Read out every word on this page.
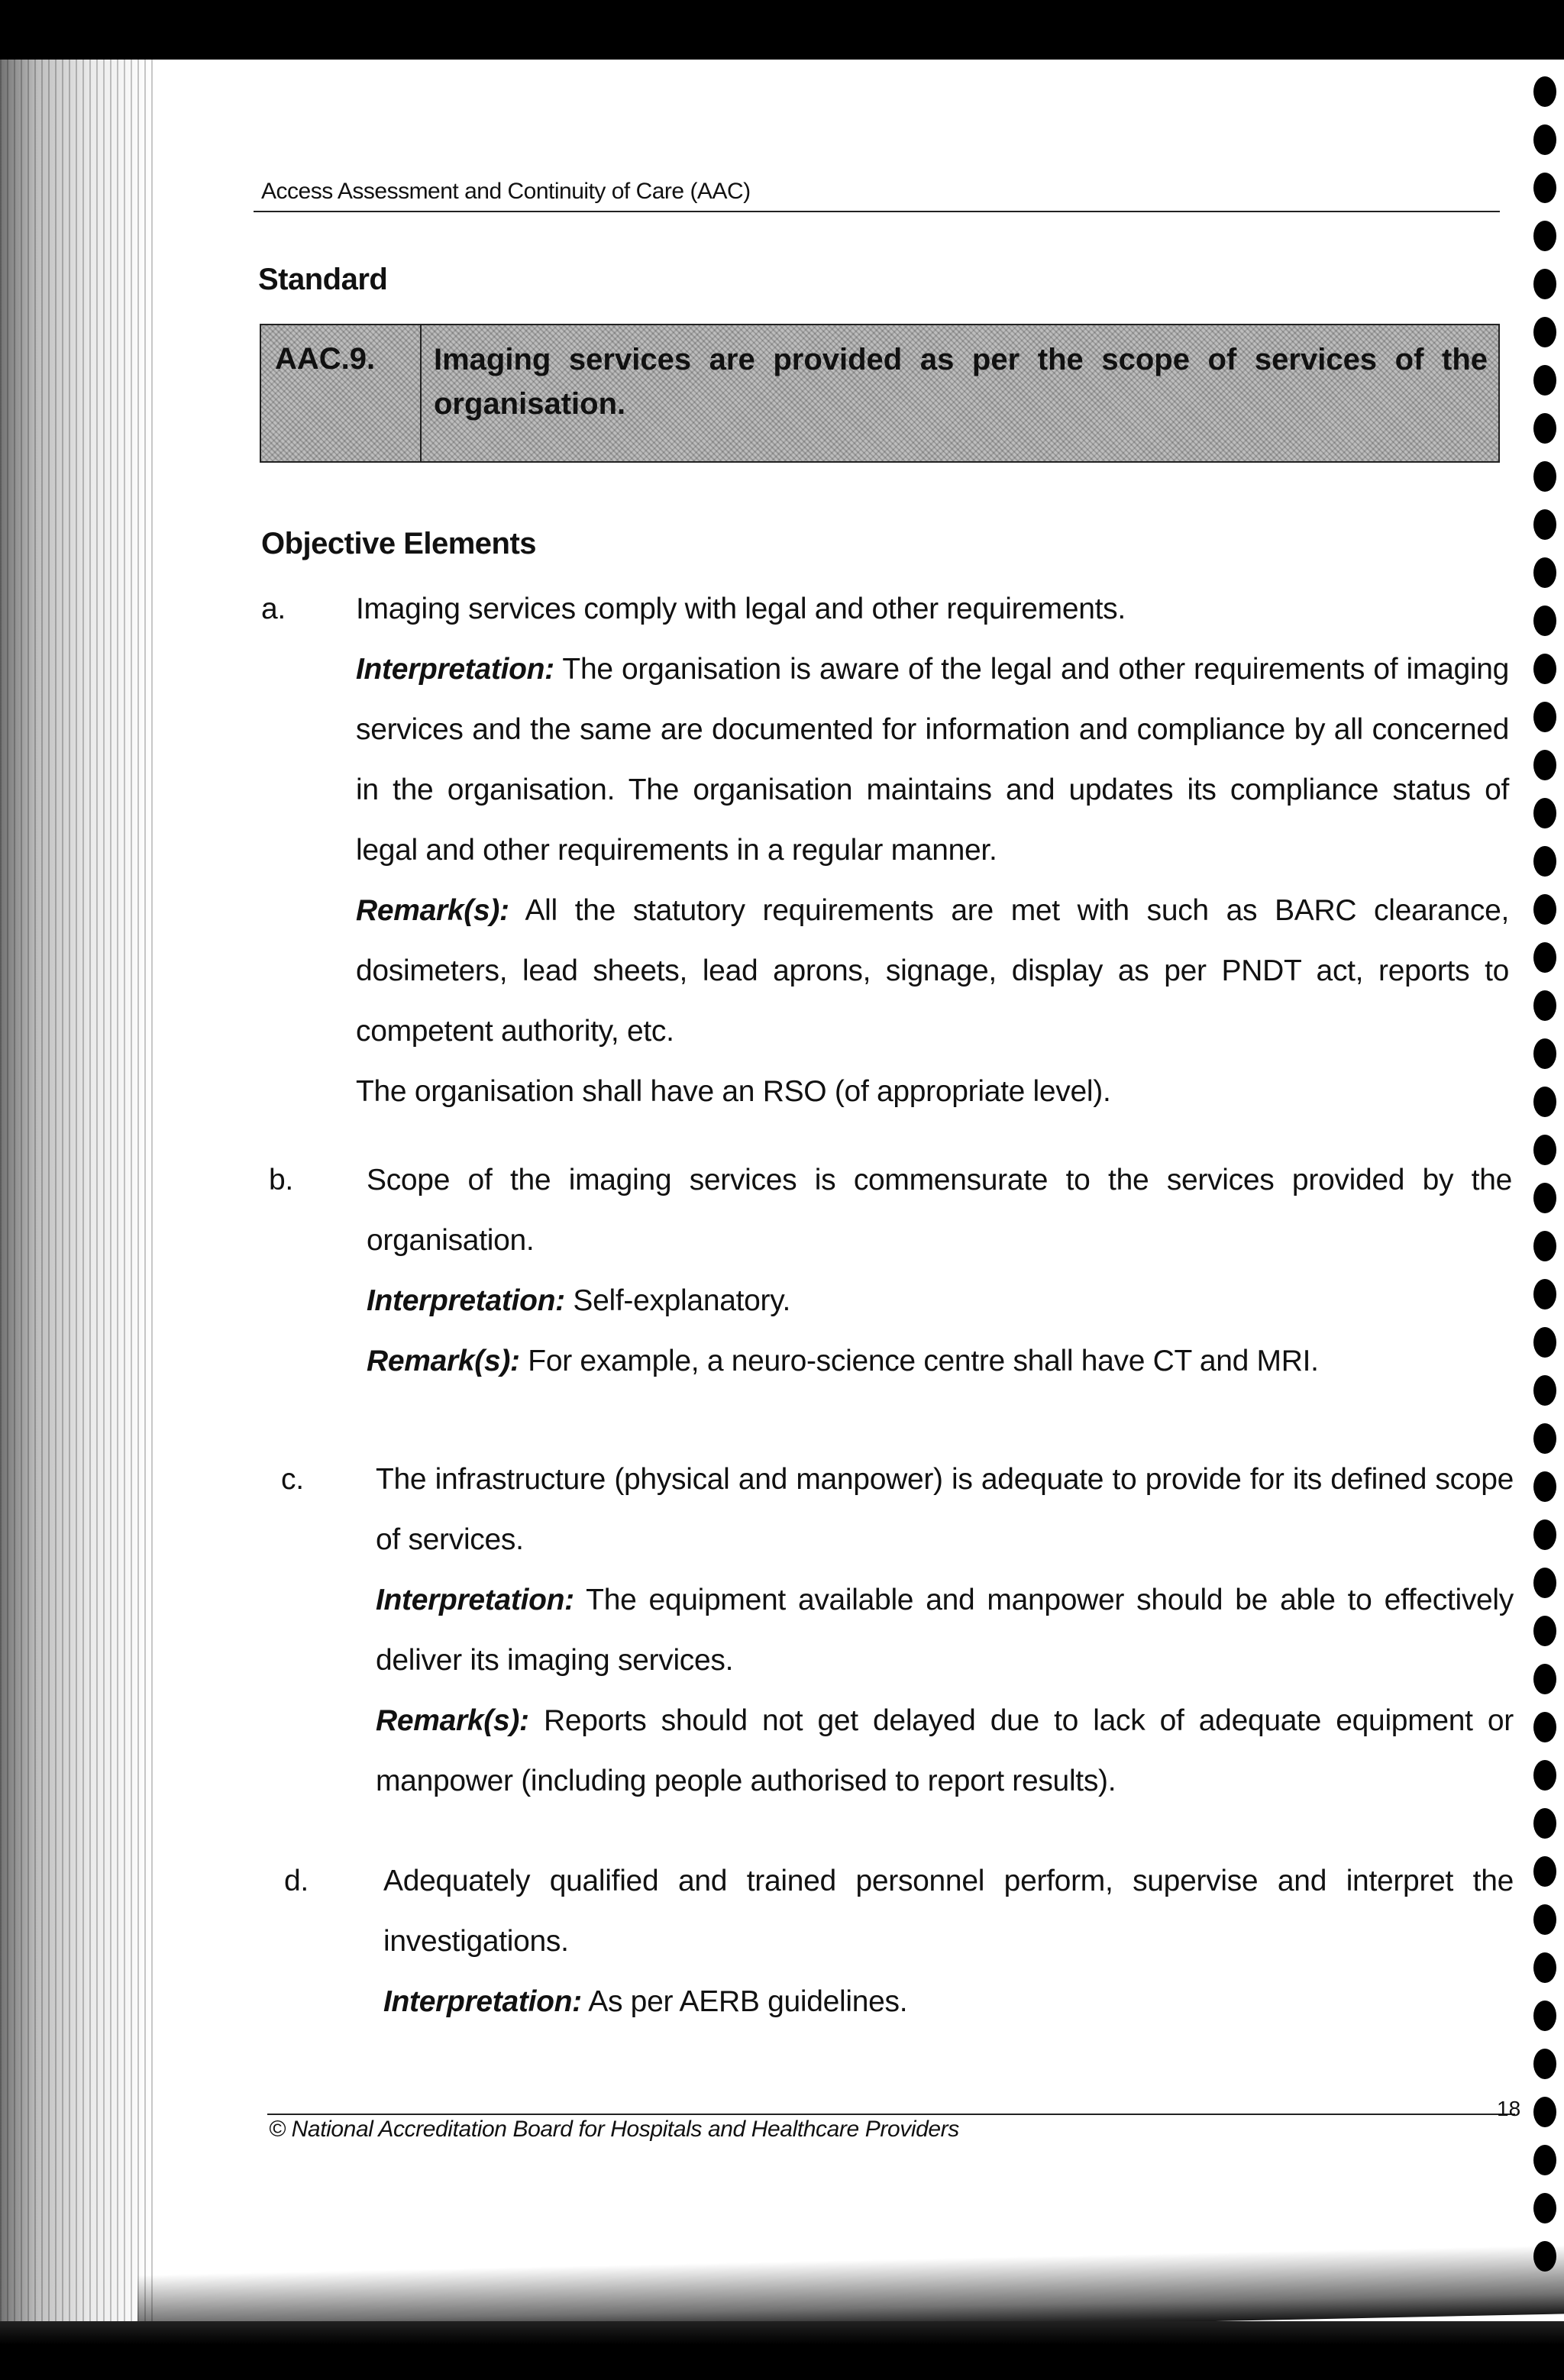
Access Assessment and Continuity of Care (AAC)
Standard
AAC.9. Imaging services are provided as per the scope of services of the organisation.
Objective Elements
a. Imaging services comply with legal and other requirements.

Interpretation: The organisation is aware of the legal and other requirements of imaging services and the same are documented for information and compliance by all concerned in the organisation. The organisation maintains and updates its compliance status of legal and other requirements in a regular manner.

Remark(s): All the statutory requirements are met with such as BARC clearance, dosimeters, lead sheets, lead aprons, signage, display as per PNDT act, reports to competent authority, etc.

The organisation shall have an RSO (of appropriate level).

b. Scope of the imaging services is commensurate to the services provided by the organisation.

Interpretation: Self-explanatory.

Remark(s): For example, a neuro-science centre shall have CT and MRI.

c. The infrastructure (physical and manpower) is adequate to provide for its defined scope of services.

Interpretation: The equipment available and manpower should be able to effectively deliver its imaging services.

Remark(s): Reports should not get delayed due to lack of adequate equipment or manpower (including people authorised to report results).

d.	Adequately qualified and trained personnel perform, supervise and interpret the investigations.

Interpretation: As per AERB guidelines.

© National Accreditation Board for Hospitals and Healthcare Providers
18
